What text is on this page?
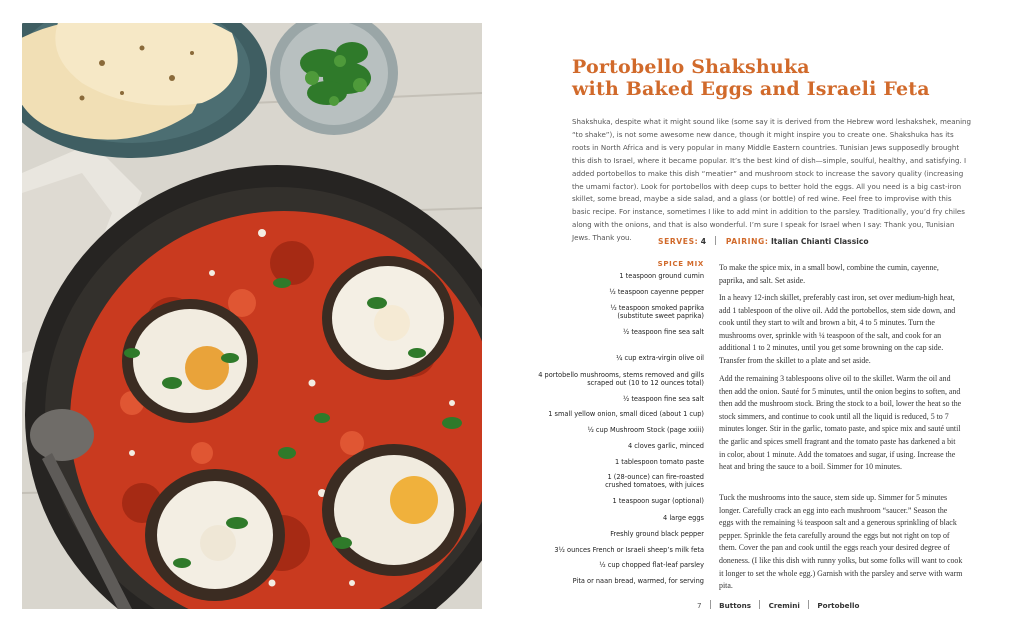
Portobello Shakshuka
with Baked Eggs and Israeli Feta

Shakshuka, despite what it might sound like (some say it is derived from the Hebrew word leshakshek, meaning “to shake”), is not some awesome new dance, though it might inspire you to create one. Shakshuka has its roots in North Africa and is very popular in many Middle Eastern countries. Tunisian Jews supposedly brought this dish to Israel, where it became popular. It’s the best kind of dish—simple, soulful, healthy, and satisfying. I added portobellos to make this dish “meatier” and mushroom stock to increase the savory quality (increasing the umami factor). Look for portobellos with deep cups to better hold the eggs. All you need is a big cast-iron skillet, some bread, maybe a side salad, and a glass (or bottle) of red wine. Feel free to improvise with this basic recipe. For instance, sometimes I like to add mint in addition to the parsley. Traditionally, you’d fry chiles along with the onions, and that is also wonderful. I’m sure I speak for Israel when I say: Thank you, Tunisian Jews. Thank you.	SERVES: 4	PAIRING: Italian Chianti Classico
SPICE MIX
1 teaspoon ground cumin
½ teaspoon cayenne pepper
½ teaspoon smoked paprika (substitute sweet paprika)
½ teaspoon fine sea salt
¼ cup extra-virgin olive oil
4 portobello mushrooms, stems removed and gills scraped out (10 to 12 ounces total)
½ teaspoon fine sea salt
1 small yellow onion, small diced (about 1 cup)
½ cup Mushroom Stock (page xxiii)
4 cloves garlic, minced
1 tablespoon tomato paste
1 (28-ounce) can fire-roasted crushed tomatoes, with juices
1 teaspoon sugar (optional)
4 large eggs
Freshly ground black pepper
3½ ounces French or Israeli sheep’s milk feta
½ cup chopped flat-leaf parsley
Pita or naan bread, warmed, for serving

To make the spice mix, in a small bowl, combine the cumin, cayenne, paprika, and salt. Set aside.

In a heavy 12-inch skillet, preferably cast iron, set over medium-high heat, add 1 tablespoon of the olive oil. Add the portobellos, stem side down, and cook until they start to wilt and brown a bit, 4 to 5 minutes. Turn the mushrooms over, sprinkle with ¼ teaspoon of the salt, and cook for an additional 1 to 2 minutes, until you get some browning on the cap side. Transfer from the skillet to a plate and set aside.

Add the remaining 3 tablespoons olive oil to the skillet. Warm the oil and then add the onion. Sauté for 5 minutes, until the onion begins to soften, and then add the mushroom stock. Bring the stock to a boil, lower the heat so the stock simmers, and continue to cook until all the liquid is reduced, 5 to 7 minutes longer. Stir in the garlic, tomato paste, and spice mix and sauté until the garlic and spices smell fragrant and the tomato paste has darkened a bit in color, about 1 minute. Add the tomatoes and sugar, if using. Increase the heat and bring the sauce to a boil. Simmer for 10 minutes.

Tuck the mushrooms into the sauce, stem side up. Simmer for 5 minutes longer. Carefully crack an egg into each mushroom “saucer.” Season the eggs with the remaining ¼ teaspoon salt and a generous sprinkling of black pepper. Sprinkle the feta carefully around the eggs but not right on top of them. Cover the pan and cook until the eggs reach your desired degree of doneness. (I like this dish with runny yolks, but some folks will want to cook it longer to set the whole egg.) Garnish with the parsley and serve with warm pita.

7 Buttons Cremini Portobello
